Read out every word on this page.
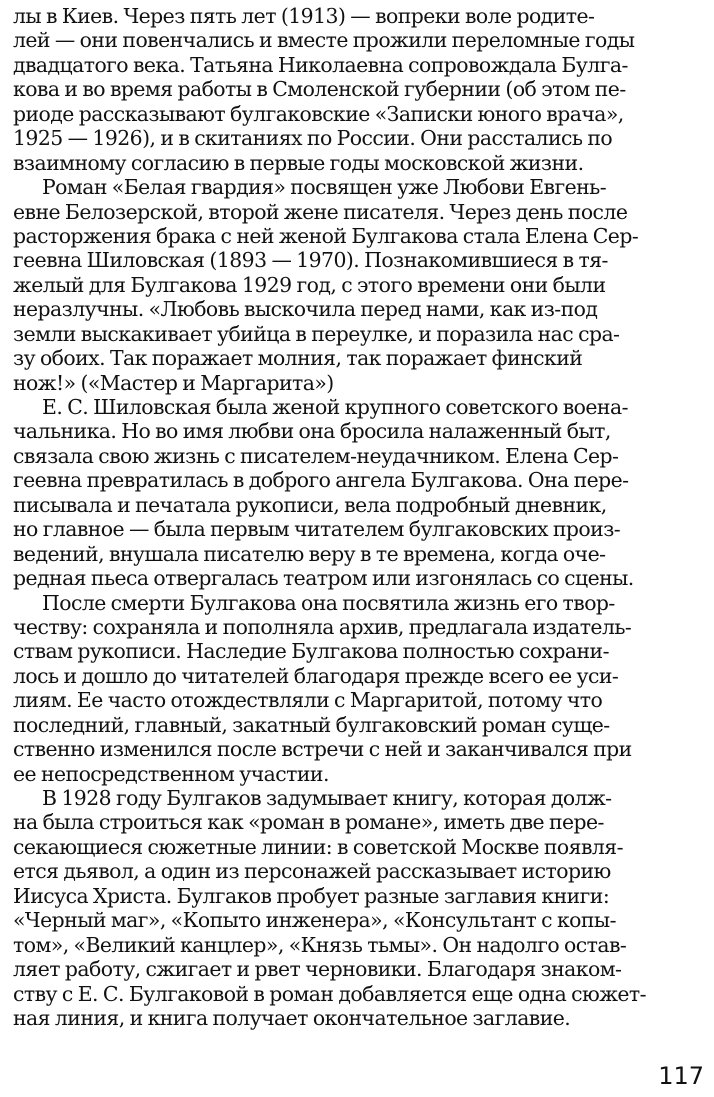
лы в Киев. Через пять лет (1913) — вопреки воле родите-
лей — они повенчались и вместе прожили переломные годы
двадцатого века. Татьяна Николаевна сопровождала Булга-
кова и во время работы в Смоленской губернии (об этом пе-
риоде рассказывают булгаковские «Записки юного врача»,
1925 — 1926), и в скитаниях по России. Они расстались по
взаимному согласию в первые годы московской жизни.
Роман «Белая гвардия» посвящен уже Любови Евгень-
евне Белозерской, второй жене писателя. Через день после
расторжения брака с ней женой Булгакова стала Елена Сер-
геевна Шиловская (1893 — 1970). Познакомившиеся в тя-
желый для Булгакова 1929 год, с этого времени они были
неразлучны. «Любовь выскочила перед нами, как из-под
земли выскакивает убийца в переулке, и поразила нас сра-
зу обоих. Так поражает молния, так поражает финский
нож!» («Мастер и Маргарита»)
Е. С. Шиловская была женой крупного советского воена-
чальника. Но во имя любви она бросила налаженный быт,
связала свою жизнь с писателем-неудачником. Елена Сер-
геевна превратилась в доброго ангела Булгакова. Она пере-
писывала и печатала рукописи, вела подробный дневник,
но главное — была первым читателем булгаковских произ-
ведений, внушала писателю веру в те времена, когда оче-
редная пьеса отвергалась театром или изгонялась со сцены.
После смерти Булгакова она посвятила жизнь его твор-
честву: сохраняла и пополняла архив, предлагала издатель-
ствам рукописи. Наследие Булгакова полностью сохрани-
лось и дошло до читателей благодаря прежде всего ее уси-
лиям. Ее часто отождествляли с Маргаритой, потому что
последний, главный, закатный булгаковский роман суще-
ственно изменился после встречи с ней и заканчивался при
ее непосредственном участии.
В 1928 году Булгаков задумывает книгу, которая долж-
на была строиться как «роман в романе», иметь две пере-
секающиеся сюжетные линии: в советской Москве появля-
ется дьявол, а один из персонажей рассказывает историю
Иисуса Христа. Булгаков пробует разные заглавия книги:
«Черный маг», «Копыто инженера», «Консультант с копы-
том», «Великий канцлер», «Князь тьмы». Он надолго остав-
ляет работу, сжигает и рвет черновики. Благодаря знаком-
ству с Е. С. Булгаковой в роман добавляется еще одна сюжет-
ная линия, и книга получает окончательное заглавие.
117
